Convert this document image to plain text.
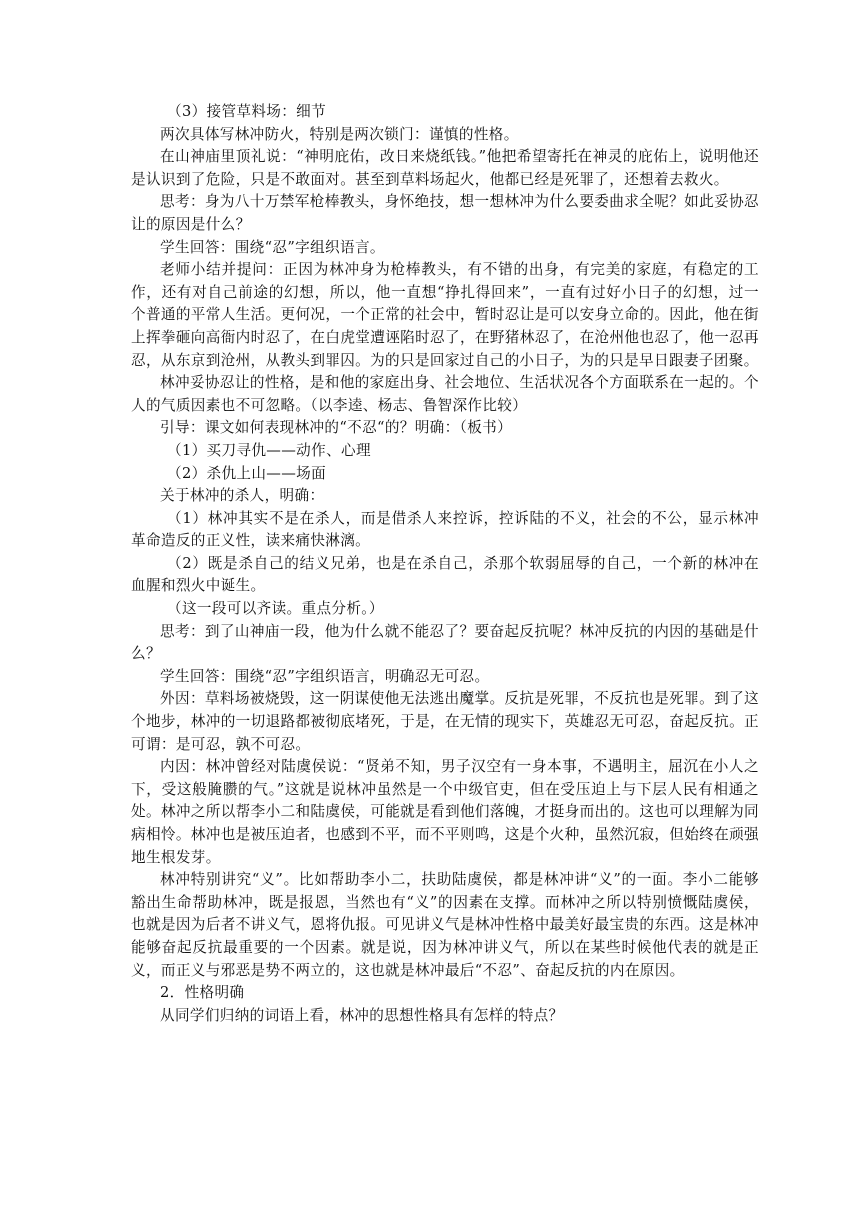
（3）接管草料场：细节

两次具体写林冲防火，特别是两次锁门：谨慎的性格。

在山神庙里顶礼说：“神明庇佑，改日来烧纸钱。”他把希望寄托在神灵的庇佑上，说明他还是认识到了危险，只是不敢面对。甚至到草料场起火，他都已经是死罪了，还想着去救火。

思考：身为八十万禁军枪棒教头，身怀绝技，想一想林冲为什么要委曲求全呢？如此妥协忍让的原因是什么？

学生回答：围绕“忍”字组织语言。

老师小结并提问：正因为林冲身为枪棒教头，有不错的出身，有完美的家庭，有稳定的工作，还有对自己前途的幻想，所以，他一直想“挣扎得回来”，一直有过好小日子的幻想，过一个普通的平常人生活。更何况，一个正常的社会中，暂时忍让是可以安身立命的。因此，他在街上挥拳砸向高衙内时忍了，在白虎堂遭诬陷时忍了，在野猪林忍了，在沧州他也忍了，他一忍再忍，从东京到沧州，从教头到罪囚。为的只是回家过自己的小日子，为的只是早日跟妻子团聚。

林冲妥协忍让的性格，是和他的家庭出身、社会地位、生活状况各个方面联系在一起的。个人的气质因素也不可忽略。（以李逵、杨志、鲁智深作比较）

引导：课文如何表现林冲的“不忍“的？明确：（板书）

（1）买刀寻仇——动作、心理

（2）杀仇上山——场面

关于林冲的杀人，明确：

（1）林冲其实不是在杀人，而是借杀人来控诉，控诉陆的不义，社会的不公，显示林冲革命造反的正义性，读来痛快淋漓。

（2）既是杀自己的结义兄弟，也是在杀自己，杀那个软弱屈辱的自己，一个新的林冲在血腥和烈火中诞生。

（这一段可以齐读。重点分析。）

思考：到了山神庙一段，他为什么就不能忍了？要奋起反抗呢？林冲反抗的内因的基础是什么？

学生回答：围绕“忍”字组织语言，明确忍无可忍。

外因：草料场被烧毁，这一阴谋使他无法逃出魔掌。反抗是死罪，不反抗也是死罪。到了这个地步，林冲的一切退路都被彻底堵死，于是，在无情的现实下，英雄忍无可忍，奋起反抗。正可谓：是可忍，孰不可忍。

内因：林冲曾经对陆虞侯说：“贤弟不知，男子汉空有一身本事，不遇明主，屈沉在小人之下，受这般腌臜的气。”这就是说林冲虽然是一个中级官吏，但在受压迫上与下层人民有相通之处。林冲之所以帮李小二和陆虞侯，可能就是看到他们落魄，才挺身而出的。这也可以理解为同病相怜。林冲也是被压迫者，也感到不平，而不平则鸣，这是个火种，虽然沉寂，但始终在顽强地生根发芽。

林冲特别讲究“义”。比如帮助李小二，扶助陆虞侯，都是林冲讲“义”的一面。李小二能够豁出生命帮助林冲，既是报恩，当然也有“义”的因素在支撑。而林冲之所以特别愤慨陆虞侯，也就是因为后者不讲义气，恩将仇报。可见讲义气是林冲性格中最美好最宝贵的东西。这是林冲能够奋起反抗最重要的一个因素。就是说，因为林冲讲义气，所以在某些时候他代表的就是正义，而正义与邪恶是势不两立的，这也就是林冲最后“不忍”、奋起反抗的内在原因。

2．性格明确

从同学们归纳的词语上看，林冲的思想性格具有怎样的特点？
